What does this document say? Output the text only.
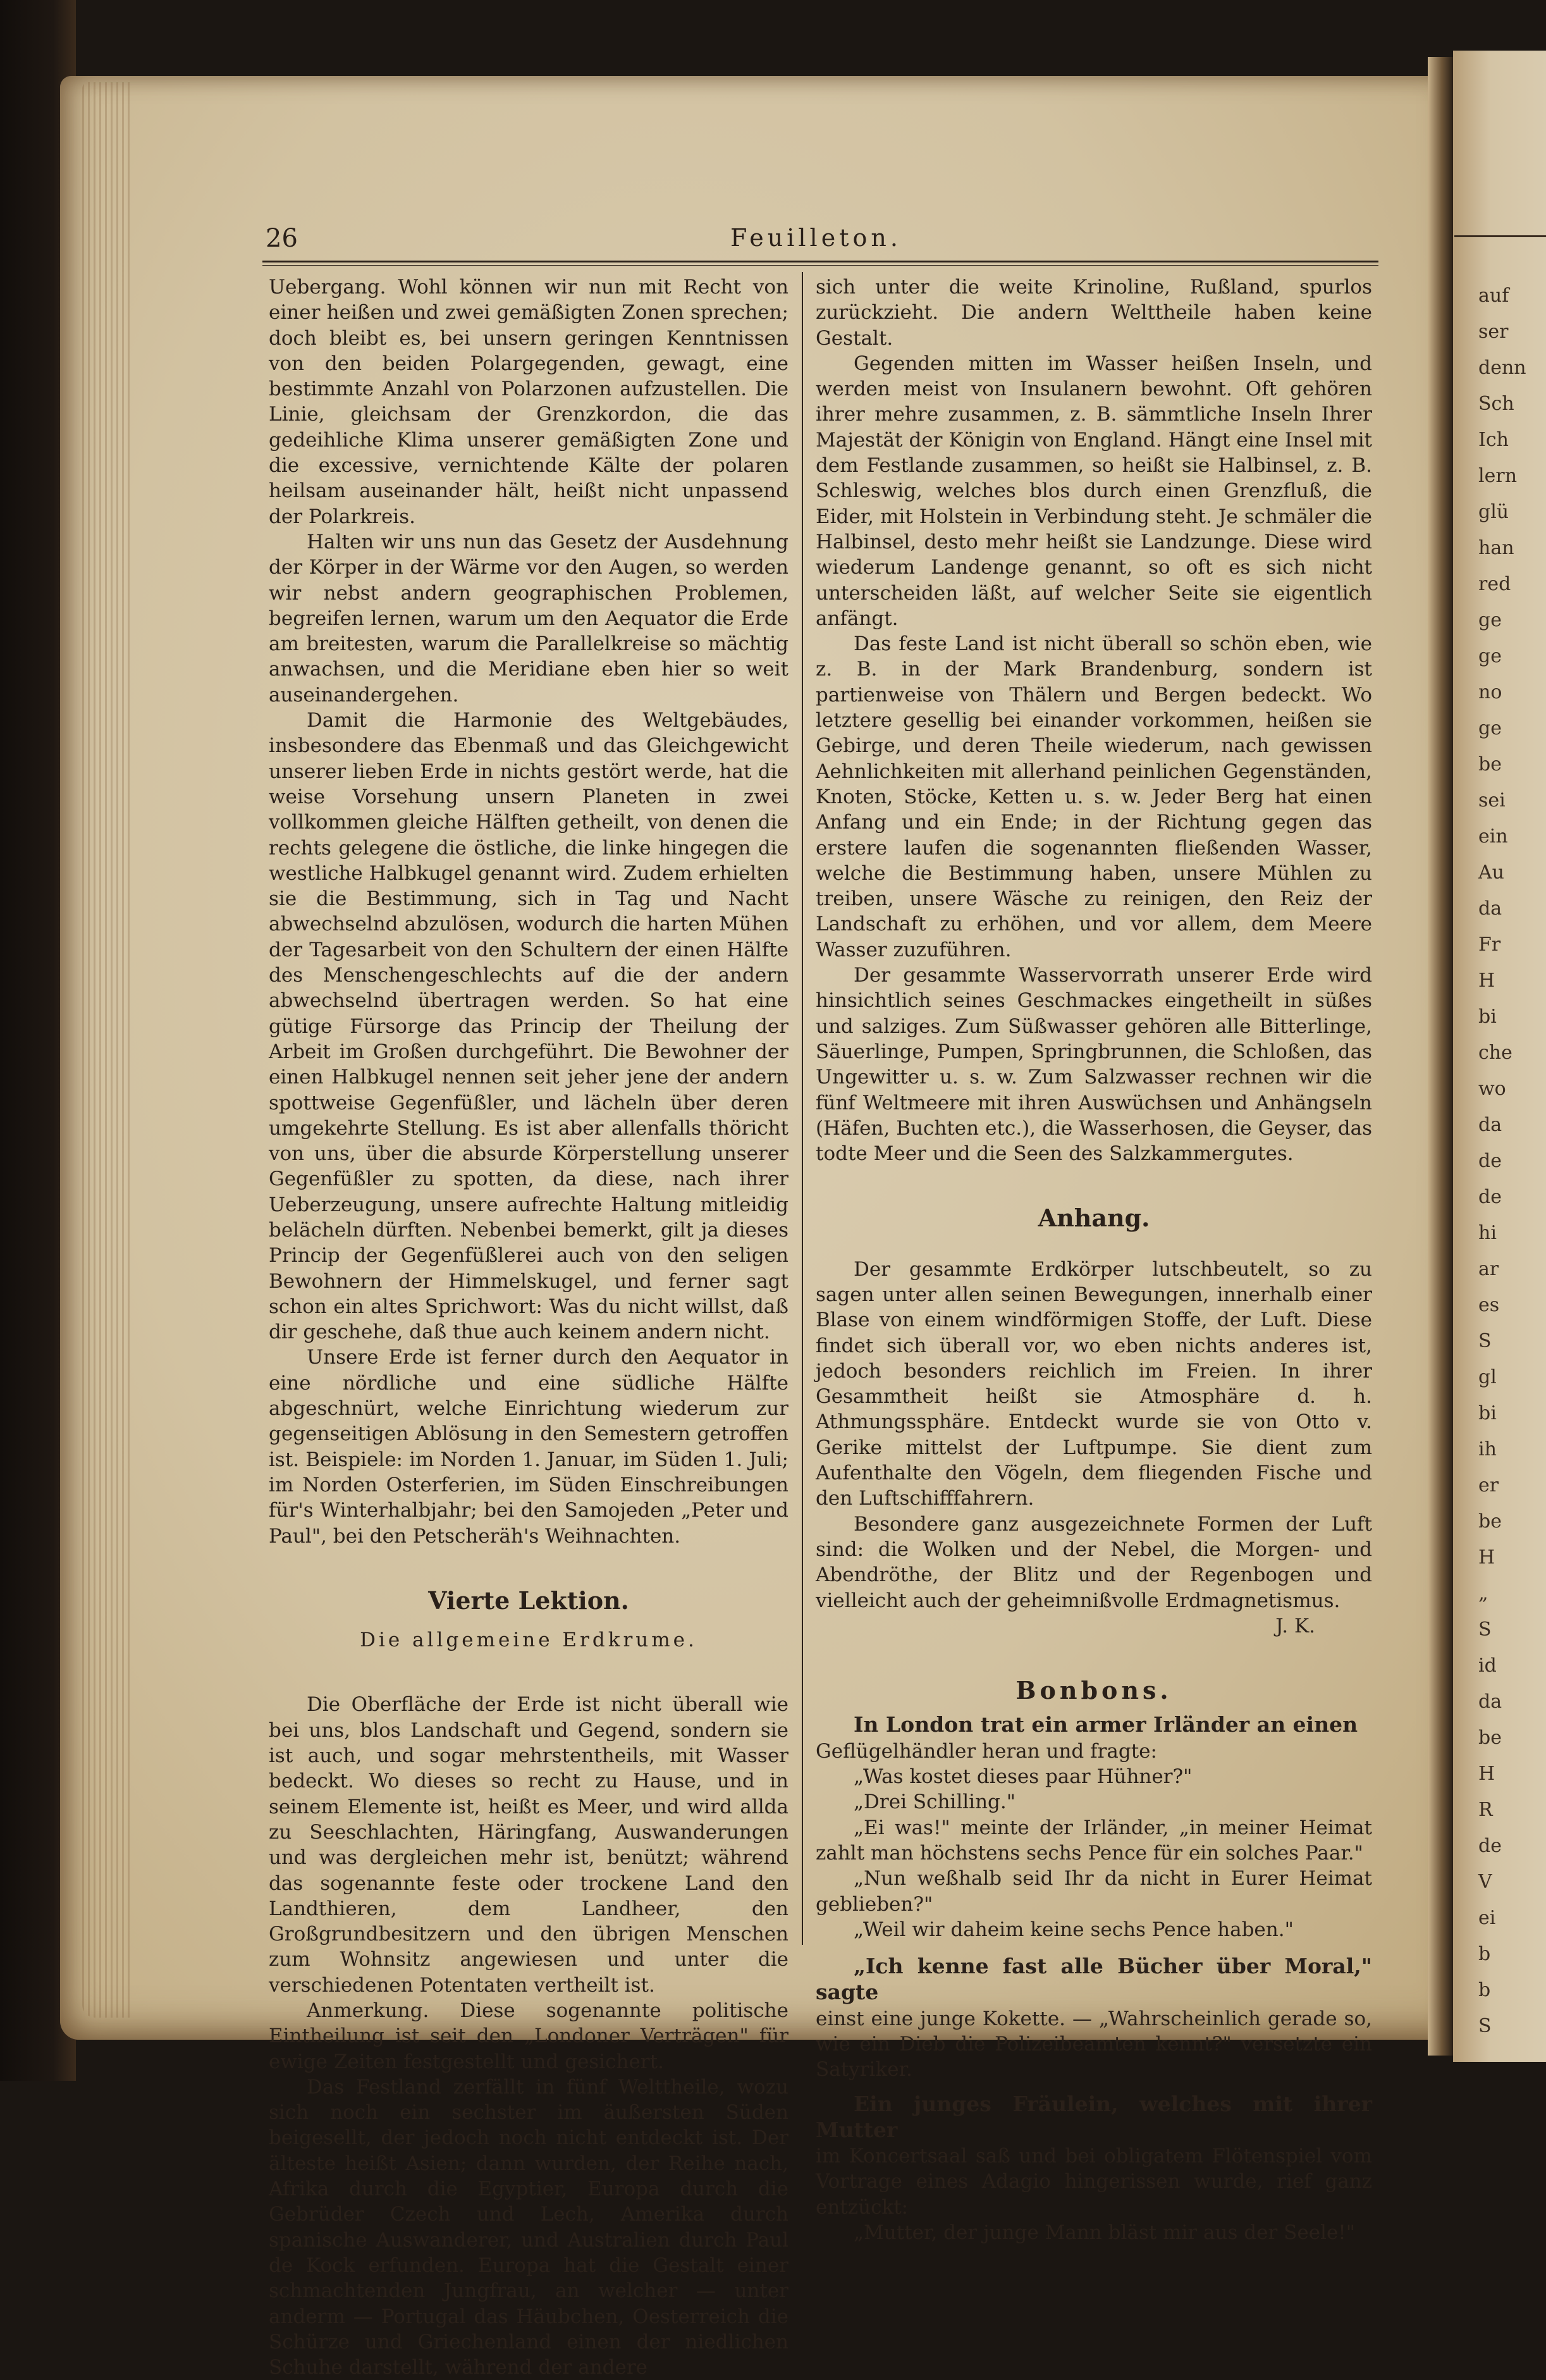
auf
ser
denn
Sch
Ich
lern
glü
han
red
ge
ge
no
ge
be
sei
ein
Au
da
Fr
H
bi
che
wo
da
de
de
hi
ar
es
S
gl
bi
ih
er
be
H
„
S
id
da
be
H
R
de
V
ei
b
b
S
26	Feuilleton.

Uebergang. Wohl können wir nun mit Recht von einer heißen und zwei gemäßigten Zonen sprechen; doch bleibt es, bei unsern geringen Kenntnissen von den beiden Polargegenden, gewagt, eine bestimmte Anzahl von Polarzonen aufzustellen. Die Linie, gleichsam der Grenzkordon, die das gedeihliche Klima unserer gemäßigten Zone und die excessive, vernichtende Kälte der polaren heilsam auseinander hält, heißt nicht unpassend der Polarkreis.

Halten wir uns nun das Gesetz der Ausdehnung der Körper in der Wärme vor den Augen, so werden wir nebst andern geographischen Problemen, begreifen lernen, warum um den Aequator die Erde am breitesten, warum die Parallelkreise so mächtig anwachsen, und die Meridiane eben hier so weit auseinandergehen.

Damit die Harmonie des Weltgebäudes, insbesondere das Ebenmaß und das Gleichgewicht unserer lieben Erde in nichts gestört werde, hat die weise Vorsehung unsern Planeten in zwei vollkommen gleiche Hälften getheilt, von denen die rechts gelegene die östliche, die linke hingegen die westliche Halbkugel genannt wird. Zudem erhielten sie die Bestimmung, sich in Tag und Nacht abwechselnd abzulösen, wodurch die harten Mühen der Tagesarbeit von den Schultern der einen Hälfte des Menschengeschlechts auf die der andern abwechselnd übertragen werden. So hat eine gütige Fürsorge das Princip der Theilung der Arbeit im Großen durchgeführt. Die Bewohner der einen Halbkugel nennen seit jeher jene der andern spottweise Gegenfüßler, und lächeln über deren umgekehrte Stellung. Es ist aber allenfalls thöricht von uns, über die absurde Körperstellung unserer Gegenfüßler zu spotten, da diese, nach ihrer Ueberzeugung, unsere aufrechte Haltung mitleidig belächeln dürften. Nebenbei bemerkt, gilt ja dieses Princip der Gegenfüßlerei auch von den seligen Bewohnern der Himmelskugel, und ferner sagt schon ein altes Sprichwort: Was du nicht willst, daß dir geschehe, daß thue auch keinem andern nicht.

Unsere Erde ist ferner durch den Aequator in eine nördliche und eine südliche Hälfte abgeschnürt, welche Einrichtung wiederum zur gegenseitigen Ablösung in den Semestern getroffen ist. Beispiele: im Norden 1. Januar, im Süden 1. Juli; im Norden Osterferien, im Süden Einschreibungen für's Winterhalbjahr; bei den Samojeden „Peter und Paul", bei den Petscheräh's Weihnachten.

Vierte Lektion.
Die allgemeine Erdkrume.

Die Oberfläche der Erde ist nicht überall wie bei uns, blos Landschaft und Gegend, sondern sie ist auch, und sogar mehrstentheils, mit Wasser bedeckt. Wo dieses so recht zu Hause, und in seinem Elemente ist, heißt es Meer, und wird allda zu Seeschlachten, Häringfang, Auswanderungen und was dergleichen mehr ist, benützt; während das sogenannte feste oder trockene Land den Landthieren, dem Landheer, den Großgrundbesitzern und den übrigen Menschen zum Wohnsitz angewiesen und unter die verschiedenen Potentaten vertheilt ist.

Anmerkung. Diese sogenannte politische Eintheilung ist seit den „Londoner Verträgen" für ewige Zeiten festgestellt und gesichert.

Das Festland zerfällt in fünf Welttheile, wozu sich noch ein sechster im äußersten Süden beigesellt, der jedoch noch nicht entdeckt ist. Der älteste heißt Asien; dann wurden, der Reihe nach, Afrika durch die Egyptier, Europa durch die Gebrüder Czech und Lech, Amerika durch spanische Auswanderer, und Australien durch Paul de Kock erfunden. Europa hat die Gestalt einer schmachtenden Jungfrau, an welcher — unter anderm — Portugal das Häubchen, Oesterreich die Schürze und Griechenland einen der niedlichen Schuhe darstellt, während der andere

sich unter die weite Krinoline, Rußland, spurlos zurückzieht. Die andern Welttheile haben keine Gestalt.

Gegenden mitten im Wasser heißen Inseln, und werden meist von Insulanern bewohnt. Oft gehören ihrer mehre zusammen, z. B. sämmtliche Inseln Ihrer Majestät der Königin von England. Hängt eine Insel mit dem Festlande zusammen, so heißt sie Halbinsel, z. B. Schleswig, welches blos durch einen Grenzfluß, die Eider, mit Holstein in Verbindung steht. Je schmäler die Halbinsel, desto mehr heißt sie Landzunge. Diese wird wiederum Landenge genannt, so oft es sich nicht unterscheiden läßt, auf welcher Seite sie eigentlich anfängt.

Das feste Land ist nicht überall so schön eben, wie z. B. in der Mark Brandenburg, sondern ist partienweise von Thälern und Bergen bedeckt. Wo letztere gesellig bei einander vorkommen, heißen sie Gebirge, und deren Theile wiederum, nach gewissen Aehnlichkeiten mit allerhand peinlichen Gegenständen, Knoten, Stöcke, Ketten u. s. w. Jeder Berg hat einen Anfang und ein Ende; in der Richtung gegen das erstere laufen die sogenannten fließenden Wasser, welche die Bestimmung haben, unsere Mühlen zu treiben, unsere Wäsche zu reinigen, den Reiz der Landschaft zu erhöhen, und vor allem, dem Meere Wasser zuzuführen.

Der gesammte Wasservorrath unserer Erde wird hinsichtlich seines Geschmackes eingetheilt in süßes und salziges. Zum Süßwasser gehören alle Bitterlinge, Säuerlinge, Pumpen, Springbrunnen, die Schloßen, das Ungewitter u. s. w. Zum Salzwasser rechnen wir die fünf Weltmeere mit ihren Auswüchsen und Anhängseln (Häfen, Buchten etc.), die Wasserhosen, die Geyser, das todte Meer und die Seen des Salzkammergutes.

Anhang.

Der gesammte Erdkörper lutschbeutelt, so zu sagen unter allen seinen Bewegungen, innerhalb einer Blase von einem windförmigen Stoffe, der Luft. Diese findet sich überall vor, wo eben nichts anderes ist, jedoch besonders reichlich im Freien. In ihrer Gesammtheit heißt sie Atmosphäre d. h. Athmungssphäre. Entdeckt wurde sie von Otto v. Gerike mittelst der Luftpumpe. Sie dient zum Aufenthalte den Vögeln, dem fliegenden Fische und den Luftschifffahrern.

Besondere ganz ausgezeichnete Formen der Luft sind: die Wolken und der Nebel, die Morgen- und Abendröthe, der Blitz und der Regenbogen und vielleicht auch der geheimnißvolle Erdmagnetismus.

J. K.
Bonbons.

In London trat ein armer Irländer an einen

Geflügelhändler heran und fragte:

„Was kostet dieses paar Hühner?"

„Drei Schilling."

„Ei was!" meinte der Irländer, „in meiner Heimat zahlt man höchstens sechs Pence für ein solches Paar."

„Nun weßhalb seid Ihr da nicht in Eurer Heimat geblieben?"

„Weil wir daheim keine sechs Pence haben."

„Ich kenne fast alle Bücher über Moral," sagte

einst eine junge Kokette. — „Wahrscheinlich gerade so, wie ein Dieb die Polizeibeamten kennt?" versetzte ein Satyriker.

Ein junges Fräulein, welches mit ihrer Mutter

im Koncertsaal saß und bei obligatem Flötenspiel vom Vortrage eines Adagio hingerissen wurde, rief ganz entzückt:

„Mutter, der junge Mann bläst mir aus der Seele!"
